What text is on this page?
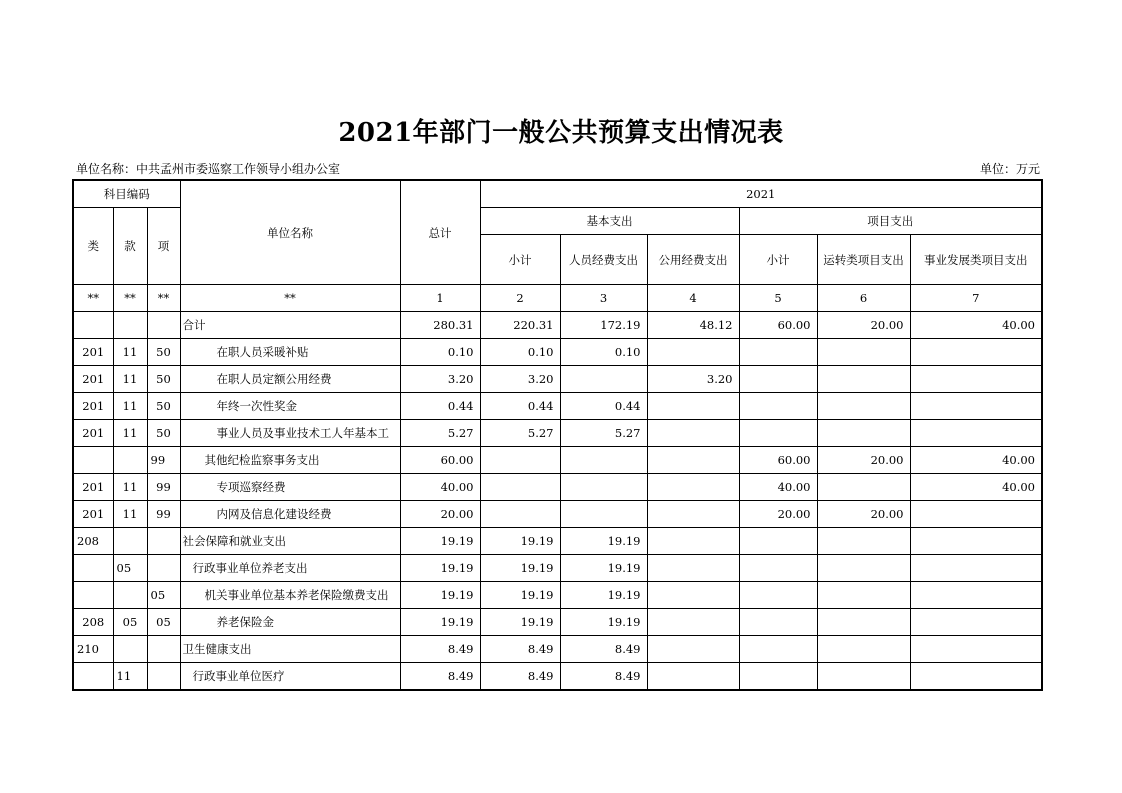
2021年部门一般公共预算支出情况表
单位名称：中共孟州市委巡察工作领导小组办公室	单位：万元
科目编码			单位名称	总计	2021					
类	款	项			基本支出			项目支出		
					小计	人员经费支出	公用经费支出	小计	运转类项目支出	事业发展类项目支出
**	**	**	**	1	2	3	4	5	6	7
			合计	280.31	220.31	172.19	48.12	60.00	20.00	40.00
201	11	50	在职人员采暖补贴	0.10	0.10	0.10				
201	11	50	在职人员定额公用经费	3.20	3.20		3.20			
201	11	50	年终一次性奖金	0.44	0.44	0.44				
201	11	50	事业人员及事业技术工人年基本工	5.27	5.27	5.27				
		99	其他纪检监察事务支出	60.00				60.00	20.00	40.00
201	11	99	专项巡察经费	40.00				40.00		40.00
201	11	99	内网及信息化建设经费	20.00				20.00	20.00	
208			社会保障和就业支出	19.19	19.19	19.19				
	05		行政事业单位养老支出	19.19	19.19	19.19				
		05	机关事业单位基本养老保险缴费支出	19.19	19.19	19.19				
208	05	05	养老保险金	19.19	19.19	19.19				
210			卫生健康支出	8.49	8.49	8.49				
	11		行政事业单位医疗	8.49	8.49	8.49				
